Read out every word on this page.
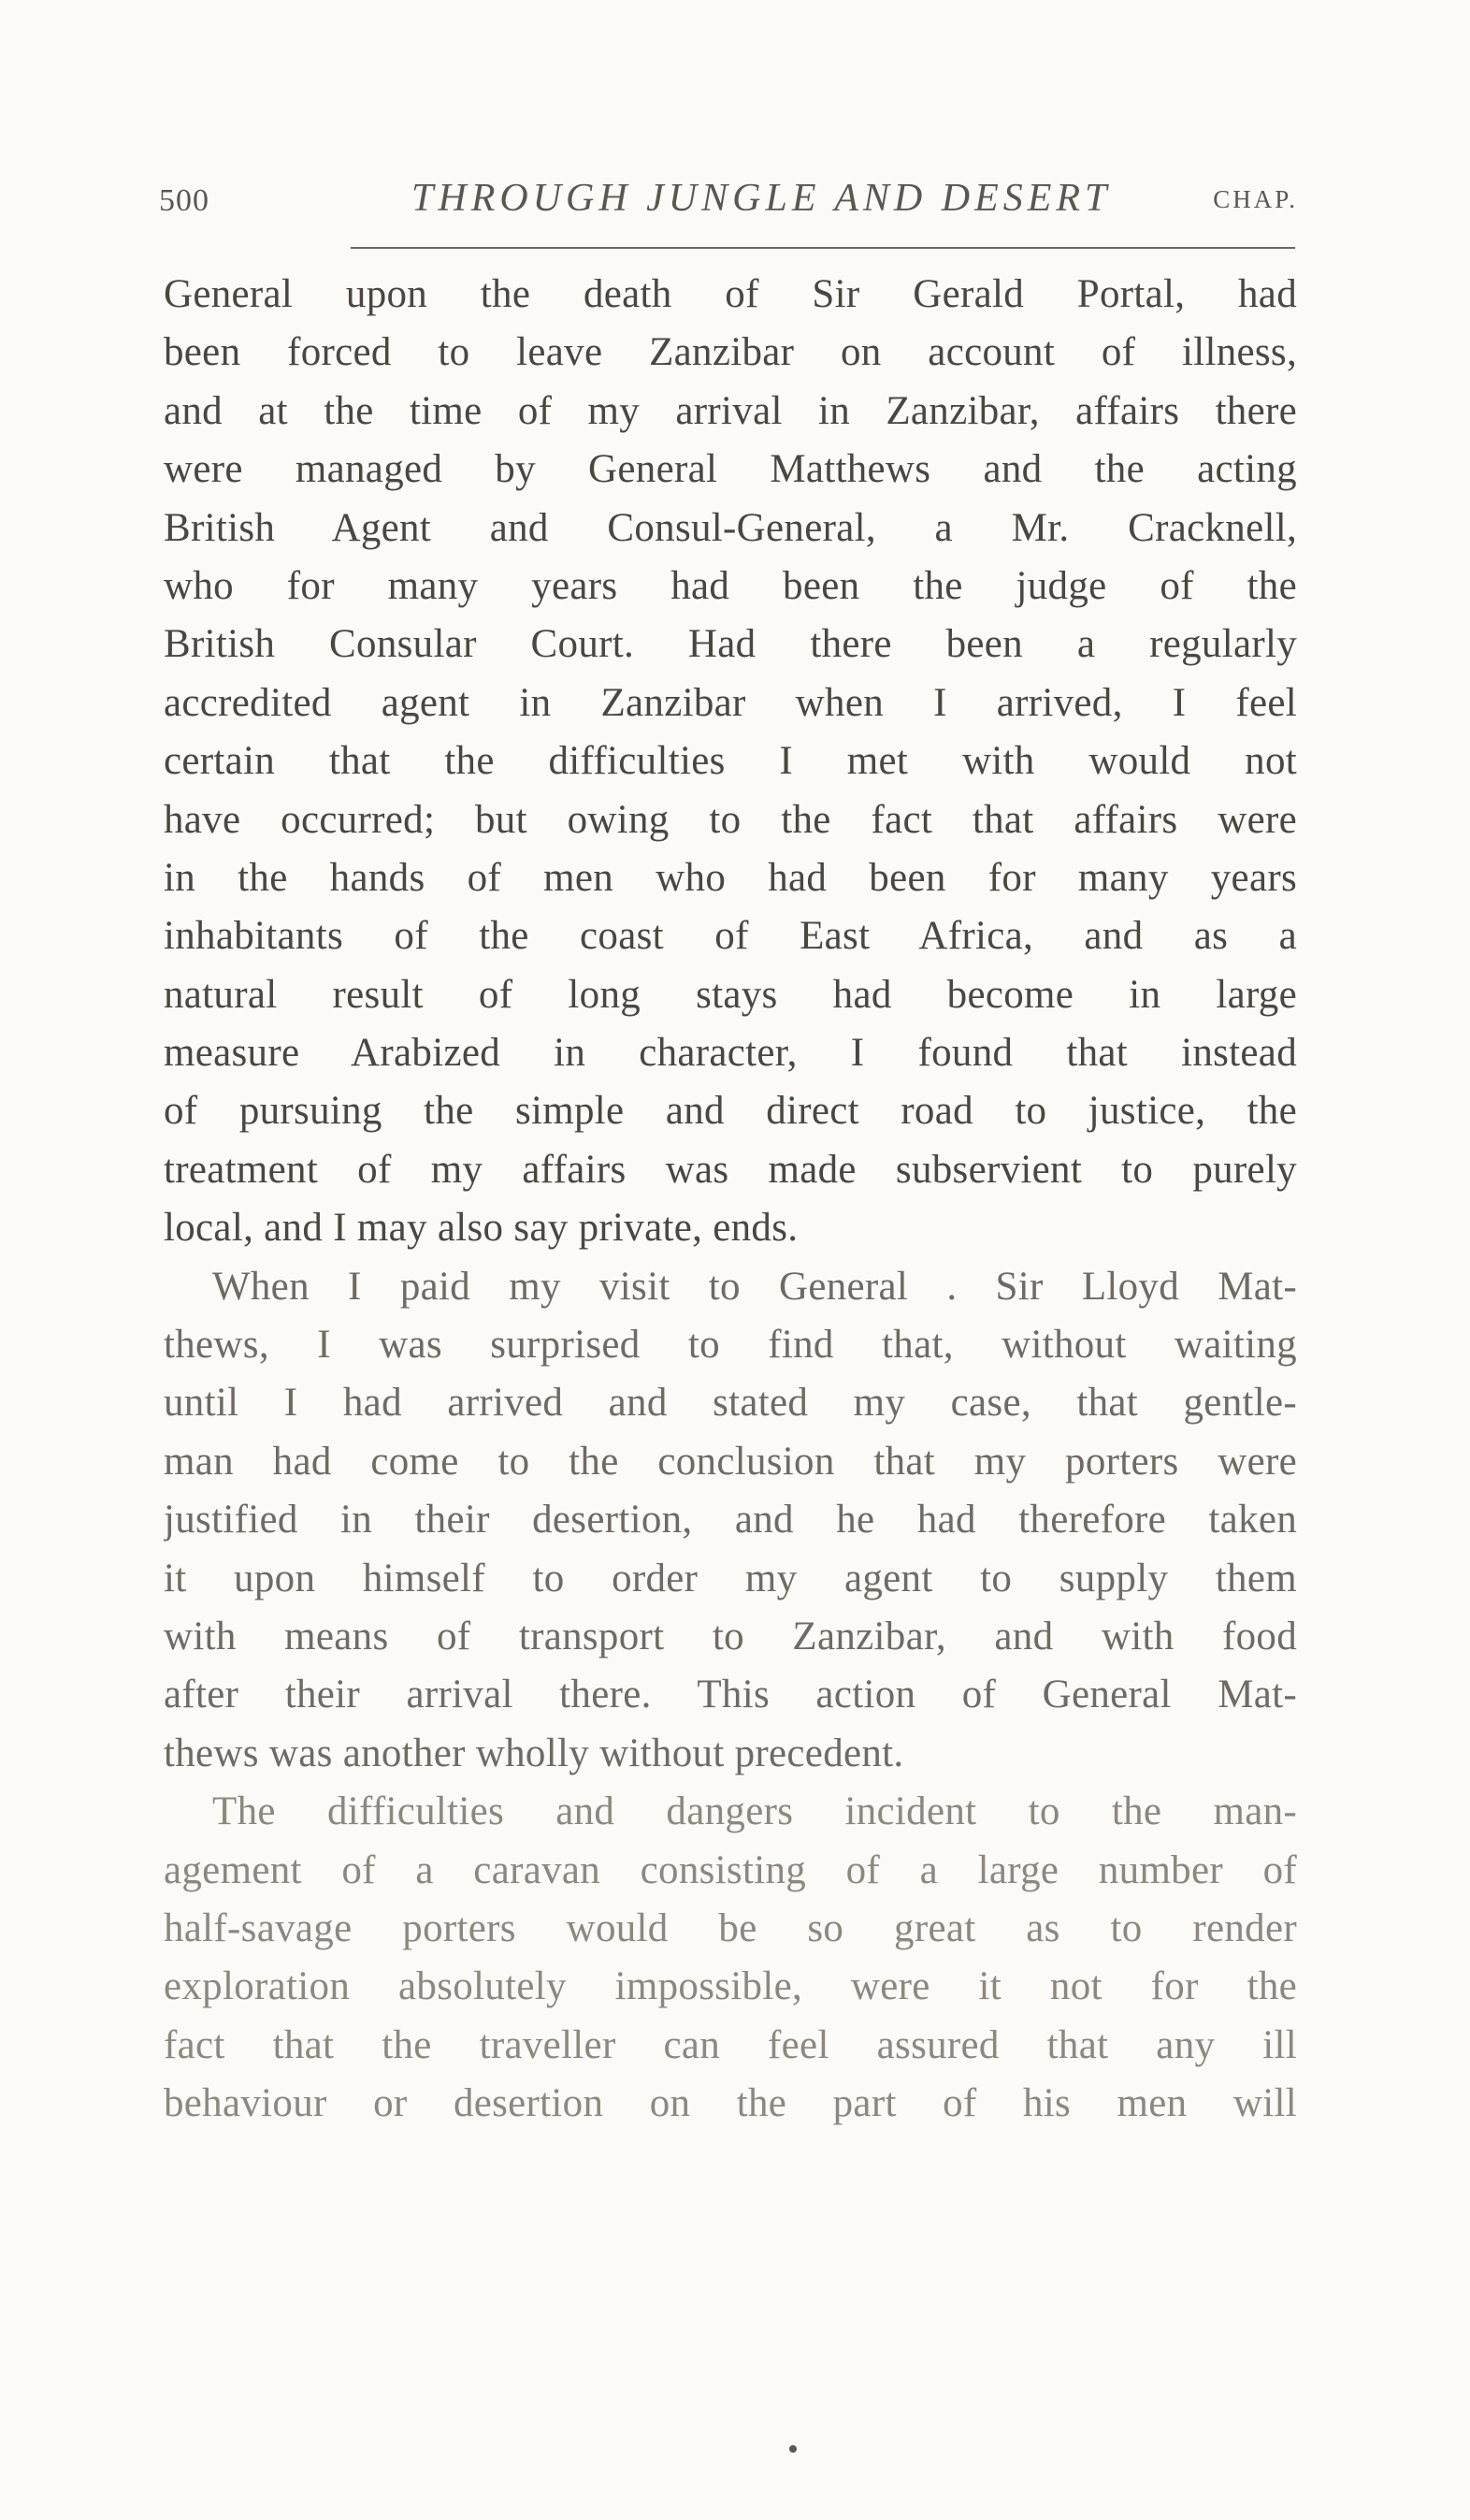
500	THROUGH JUNGLE AND DESERT	CHAP.
General upon the death of Sir Gerald Portal, had
been forced to leave Zanzibar on account of illness,
and at the time of my arrival in Zanzibar, affairs there
were managed by General Matthews and the acting
British Agent and Consul-General, a Mr. Cracknell,
who for many years had been the judge of the
British Consular Court. Had there been a regularly
accredited agent in Zanzibar when I arrived, I feel
certain that the difficulties I met with would not
have occurred; but owing to the fact that affairs were
in the hands of men who had been for many years
inhabitants of the coast of East Africa, and as a
natural result of long stays had become in large
measure Arabized in character, I found that instead
of pursuing the simple and direct road to justice, the
treatment of my affairs was made subservient to purely
local, and I may also say private, ends.
When I paid my visit to General . Sir Lloyd Mat-
thews, I was surprised to find that, without waiting
until I had arrived and stated my case, that gentle-
man had come to the conclusion that my porters were
justified in their desertion, and he had therefore taken
it upon himself to order my agent to supply them
with means of transport to Zanzibar, and with food
after their arrival there. This action of General Mat-
thews was another wholly without precedent.
The difficulties and dangers incident to the man-
agement of a caravan consisting of a large number of
half-savage porters would be so great as to render
exploration absolutely impossible, were it not for the
fact that the traveller can feel assured that any ill
behaviour or desertion on the part of his men will
